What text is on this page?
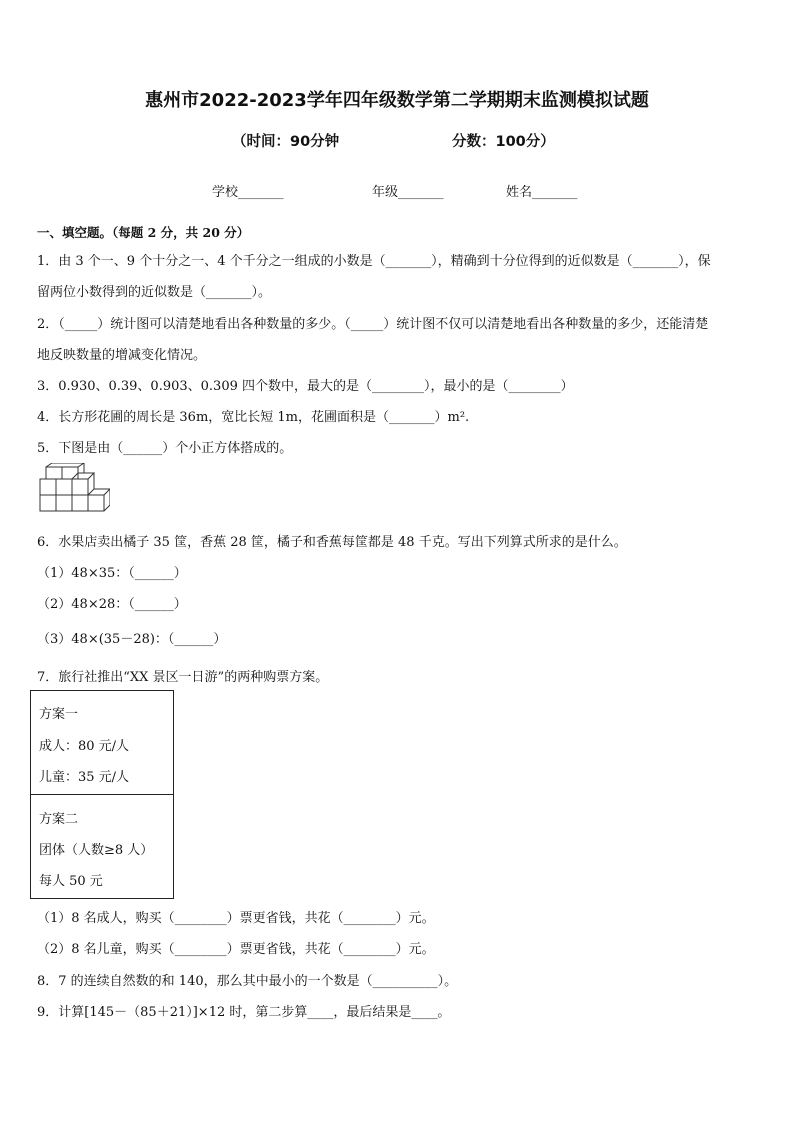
惠州市2022-2023学年四年级数学第二学期期末监测模拟试题
（时间：90分钟	分数：100分）
学校_______	年级_______	姓名_______
一、填空题。（每题 2 分，共 20 分）
1．由 3 个一、9 个十分之一、4 个千分之一组成的小数是（_______），精确到十分位得到的近似数是（_______），保
留两位小数得到的近似数是（_______）。
2．（_____）统计图可以清楚地看出各种数量的多少。（_____）统计图不仅可以清楚地看出各种数量的多少，还能清楚
地反映数量的增减变化情况。
3．0.930、0.39、0.903、0.309 四个数中，最大的是（________），最小的是（________）
4．长方形花圃的周长是 36m，宽比长短 1m，花圃面积是（_______）m².
5．下图是由（______）个小正方体搭成的。
6．水果店卖出橘子 35 筐，香蕉 28 筐，橘子和香蕉每筐都是 48 千克。写出下列算式所求的是什么。
（1）48×35：（______）
（2）48×28：（______）
（3）48×(35－28)：（______）
7．旅行社推出“XX 景区一日游”的两种购票方案。
方案一
成人：80 元/人
儿童：35 元/人
方案二
团体（人数≥8 人）
每人 50 元
（1）8 名成人，购买（________）票更省钱，共花（________）元。
（2）8 名儿童，购买（________）票更省钱，共花（________）元。
8．7 的连续自然数的和 140，那么其中最小的一个数是（__________）。
9．计算[145－（85＋21）]×12 时，第二步算____，最后结果是____。
